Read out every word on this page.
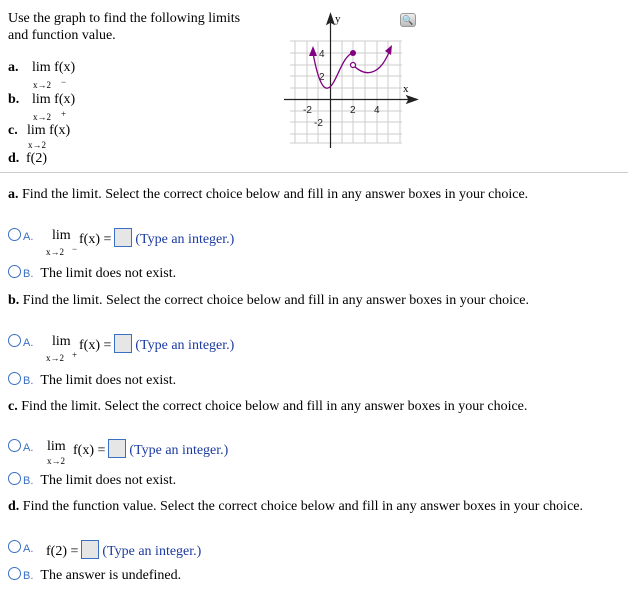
Use the graph to find the following limits
and function value.
a. lim f(x)
x→2 −
b. lim f(x)
x→2 +
c. lim f(x)
x→2
d. f(2)
y
x
-2	2 4
2
4
-2
🔍
a. Find the limit. Select the correct choice below and fill in any answer boxes in your choice.
A. lim
x→2 −
f(x) = (Type an integer.)
B. The limit does not exist.
b. Find the limit. Select the correct choice below and fill in any answer boxes in your choice.
A. lim
x→2 +
f(x) = (Type an integer.)
B. The limit does not exist.
c. Find the limit. Select the correct choice below and fill in any answer boxes in your choice.
A. lim
x→2
f(x) = (Type an integer.)
B. The limit does not exist.
d. Find the function value. Select the correct choice below and fill in any answer boxes in your choice.
A. f(2) = (Type an integer.)
B. The answer is undefined.
